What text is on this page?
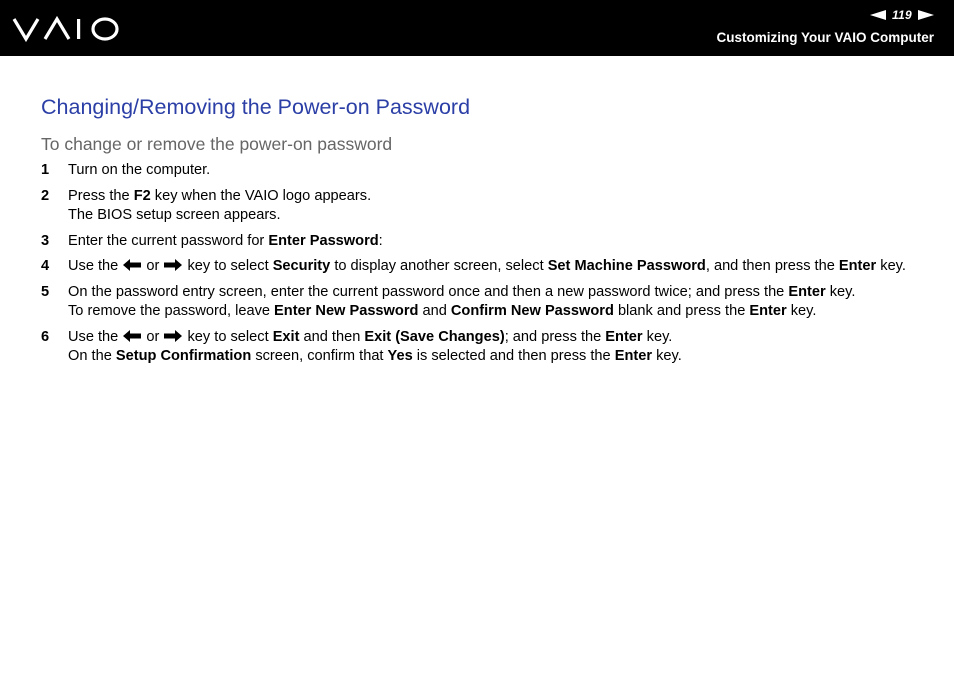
119
Customizing Your VAIO Computer
Changing/Removing the Power-on Password
To change or remove the power-on password
1	Turn on the computer.
2	Press the F2 key when the VAIO logo appears.
The BIOS setup screen appears.
3	Enter the current password for Enter Password:
4	Use the  or  key to select Security to display another screen, select Set Machine Password, and then press the Enter key.
5	On the password entry screen, enter the current password once and then a new password twice; and press the Enter key.
To remove the password, leave Enter New Password and Confirm New Password blank and press the Enter key.
6	Use the  or  key to select Exit and then Exit (Save Changes); and press the Enter key.
On the Setup Confirmation screen, confirm that Yes is selected and then press the Enter key.
